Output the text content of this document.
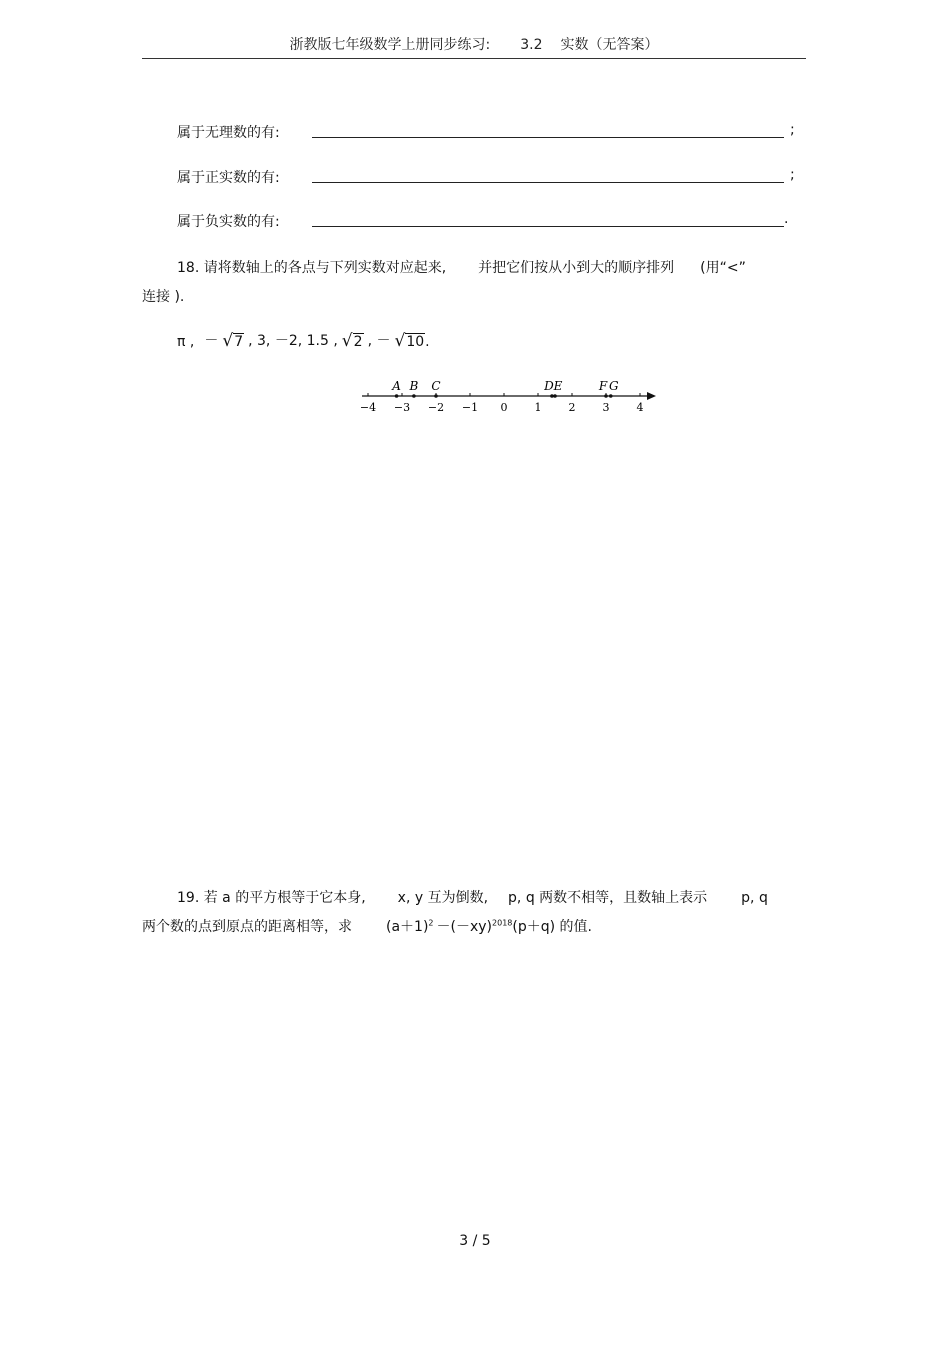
浙教版七年级数学上册同步练习: 3.2 实数（无答案）
属于无理数的有:	;
属于正实数的有:	;
属于负实数的有:	.
18. 请将数轴上的各点与下列实数对应起来, 并把它们按从小到大的顺序排列 (用“<”
连接 ).
π , － √ 7 , 3, －2, 1.5 , √ 2 , － √ 10 .
−4 −3 −2 −1 0 1 2 3 4
A B C	D E	F G
19. 若 a 的平方根等于它本身, x, y 互为倒数, p, q 两数不相等，且数轴上表示 p, q
两个数的点到原点的距离相等，求 $(a+1)^2 -(-xy)^{2018}(p+q)$ 的值.
3 / 5
